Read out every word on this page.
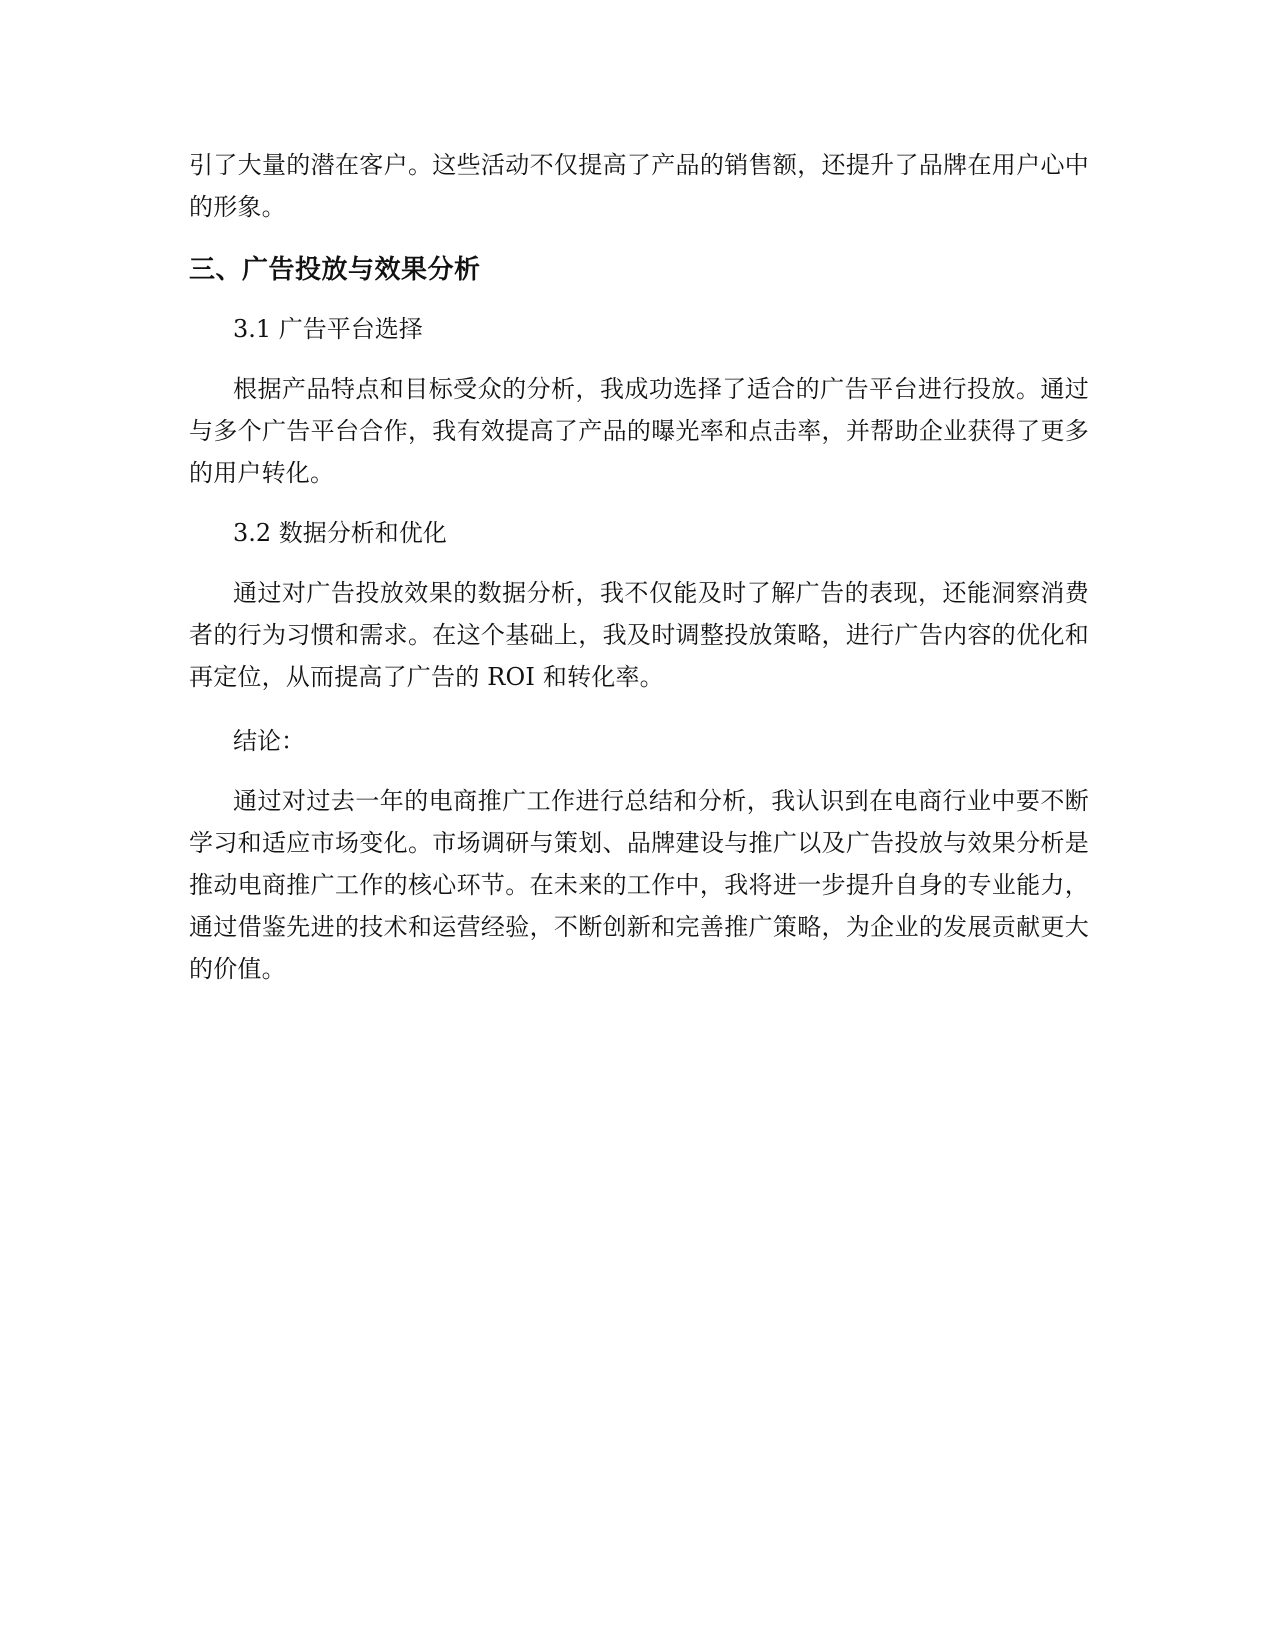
引了大量的潜在客户。这些活动不仅提高了产品的销售额，还提升了品牌在用户心中的形象。

三、广告投放与效果分析

3.1 广告平台选择

根据产品特点和目标受众的分析，我成功选择了适合的广告平台进行投放。通过与多个广告平台合作，我有效提高了产品的曝光率和点击率，并帮助企业获得了更多的用户转化。

3.2 数据分析和优化

通过对广告投放效果的数据分析，我不仅能及时了解广告的表现，还能洞察消费者的行为习惯和需求。在这个基础上，我及时调整投放策略，进行广告内容的优化和再定位，从而提高了广告的 ROI 和转化率。

结论：

通过对过去一年的电商推广工作进行总结和分析，我认识到在电商行业中要不断学习和适应市场变化。市场调研与策划、品牌建设与推广以及广告投放与效果分析是推动电商推广工作的核心环节。在未来的工作中，我将进一步提升自身的专业能力，通过借鉴先进的技术和运营经验，不断创新和完善推广策略，为企业的发展贡献更大的价值。
